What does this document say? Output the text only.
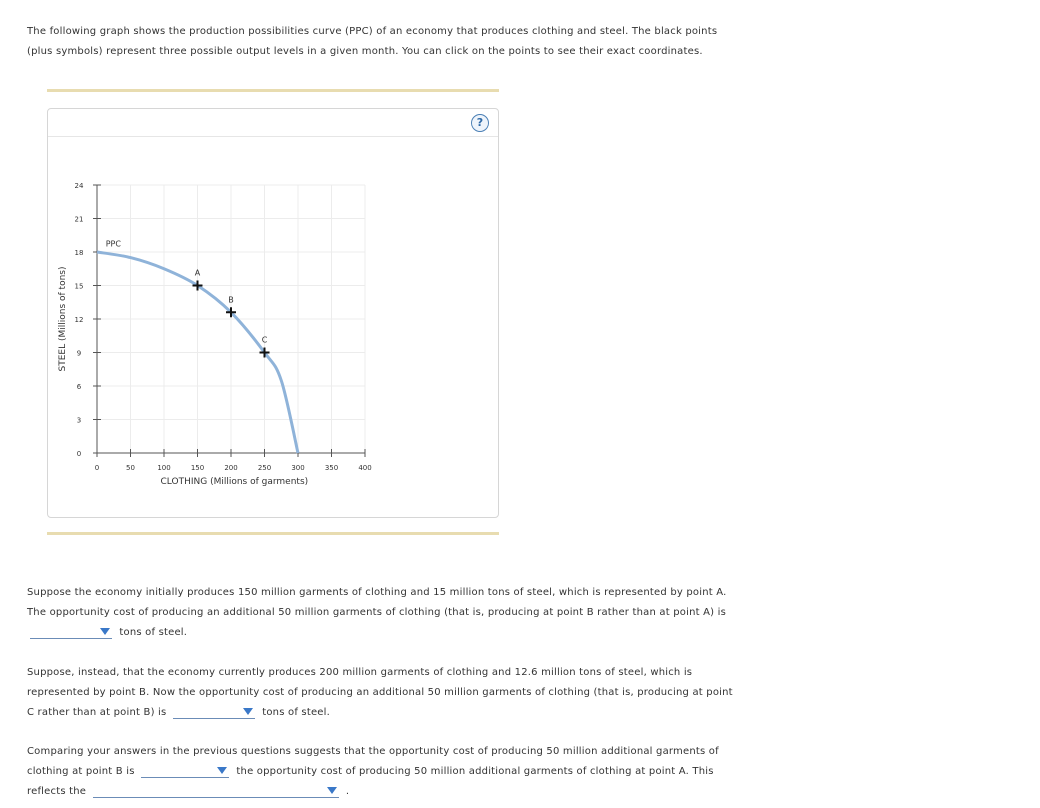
The following graph shows the production possibilities curve (PPC) of an economy that produces clothing and steel. The black points
(plus symbols) represent three possible output levels in a given month. You can click on the points to see their exact coordinates.
?
0	50	100	150	200	250	300	350	400
0
3
6
9
12
15
18
21
24
CLOTHING (Millions of garments)
STEEL (Millions of tons)
PPC
A
B
C
Suppose the economy initially produces 150 million garments of clothing and 15 million tons of steel, which is represented by point A.
The opportunity cost of producing an additional 50 million garments of clothing (that is, producing at point B rather than at point A) is
tons of steel.
Suppose, instead, that the economy currently produces 200 million garments of clothing and 12.6 million tons of steel, which is
represented by point B. Now the opportunity cost of producing an additional 50 million garments of clothing (that is, producing at point
C rather than at point B) is	tons of steel.
Comparing your answers in the previous questions suggests that the opportunity cost of producing 50 million additional garments of
clothing at point B is	the opportunity cost of producing 50 million additional garments of clothing at point A. This
reflects the	.
